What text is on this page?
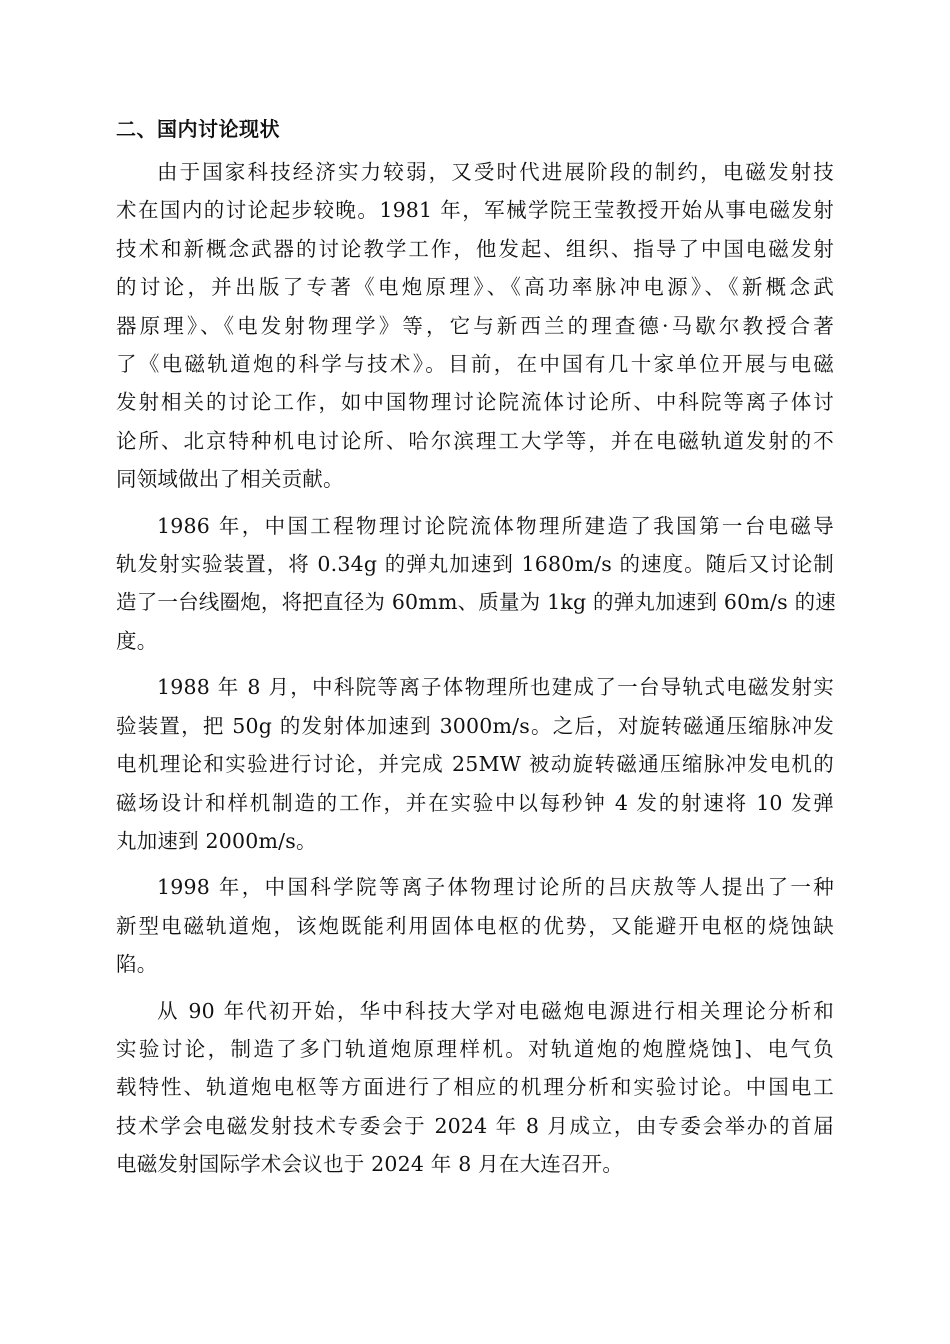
二、国内讨论现状

由于国家科技经济实力较弱，又受时代进展阶段的制约，电磁发射技
术在国内的讨论起步较晚。1981 年，军械学院王莹教授开始从事电磁发射
技术和新概念武器的讨论教学工作，他发起、组织、指导了中国电磁发射
的讨论，并出版了专著《电炮原理》、《高功率脉冲电源》、《新概念武
器原理》、《电发射物理学》等，它与新西兰的理查德·马歇尔教授合著
了《电磁轨道炮的科学与技术》。目前，在中国有几十家单位开展与电磁
发射相关的讨论工作，如中国物理讨论院流体讨论所、中科院等离子体讨
论所、北京特种机电讨论所、哈尔滨理工大学等，并在电磁轨道发射的不
同领域做出了相关贡献。

1986 年，中国工程物理讨论院流体物理所建造了我国第一台电磁导
轨发射实验装置，将 0.34g 的弹丸加速到 1680m/s 的速度。随后又讨论制
造了一台线圈炮，将把直径为 60mm、质量为 1kg 的弹丸加速到 60m/s 的速
度。

1988 年 8 月，中科院等离子体物理所也建成了一台导轨式电磁发射实
验装置，把 50g 的发射体加速到 3000m/s。之后，对旋转磁通压缩脉冲发
电机理论和实验进行讨论，并完成 25MW 被动旋转磁通压缩脉冲发电机的
磁场设计和样机制造的工作，并在实验中以每秒钟 4 发的射速将 10 发弹
丸加速到 2000m/s。

1998 年，中国科学院等离子体物理讨论所的吕庆敖等人提出了一种
新型电磁轨道炮，该炮既能利用固体电枢的优势，又能避开电枢的烧蚀缺
陷。

从 90 年代初开始，华中科技大学对电磁炮电源进行相关理论分析和
实验讨论，制造了多门轨道炮原理样机。对轨道炮的炮膛烧蚀]、电气负
载特性、轨道炮电枢等方面进行了相应的机理分析和实验讨论。中国电工
技术学会电磁发射技术专委会于 2024 年 8 月成立，由专委会举办的首届
电磁发射国际学术会议也于 2024 年 8 月在大连召开。
